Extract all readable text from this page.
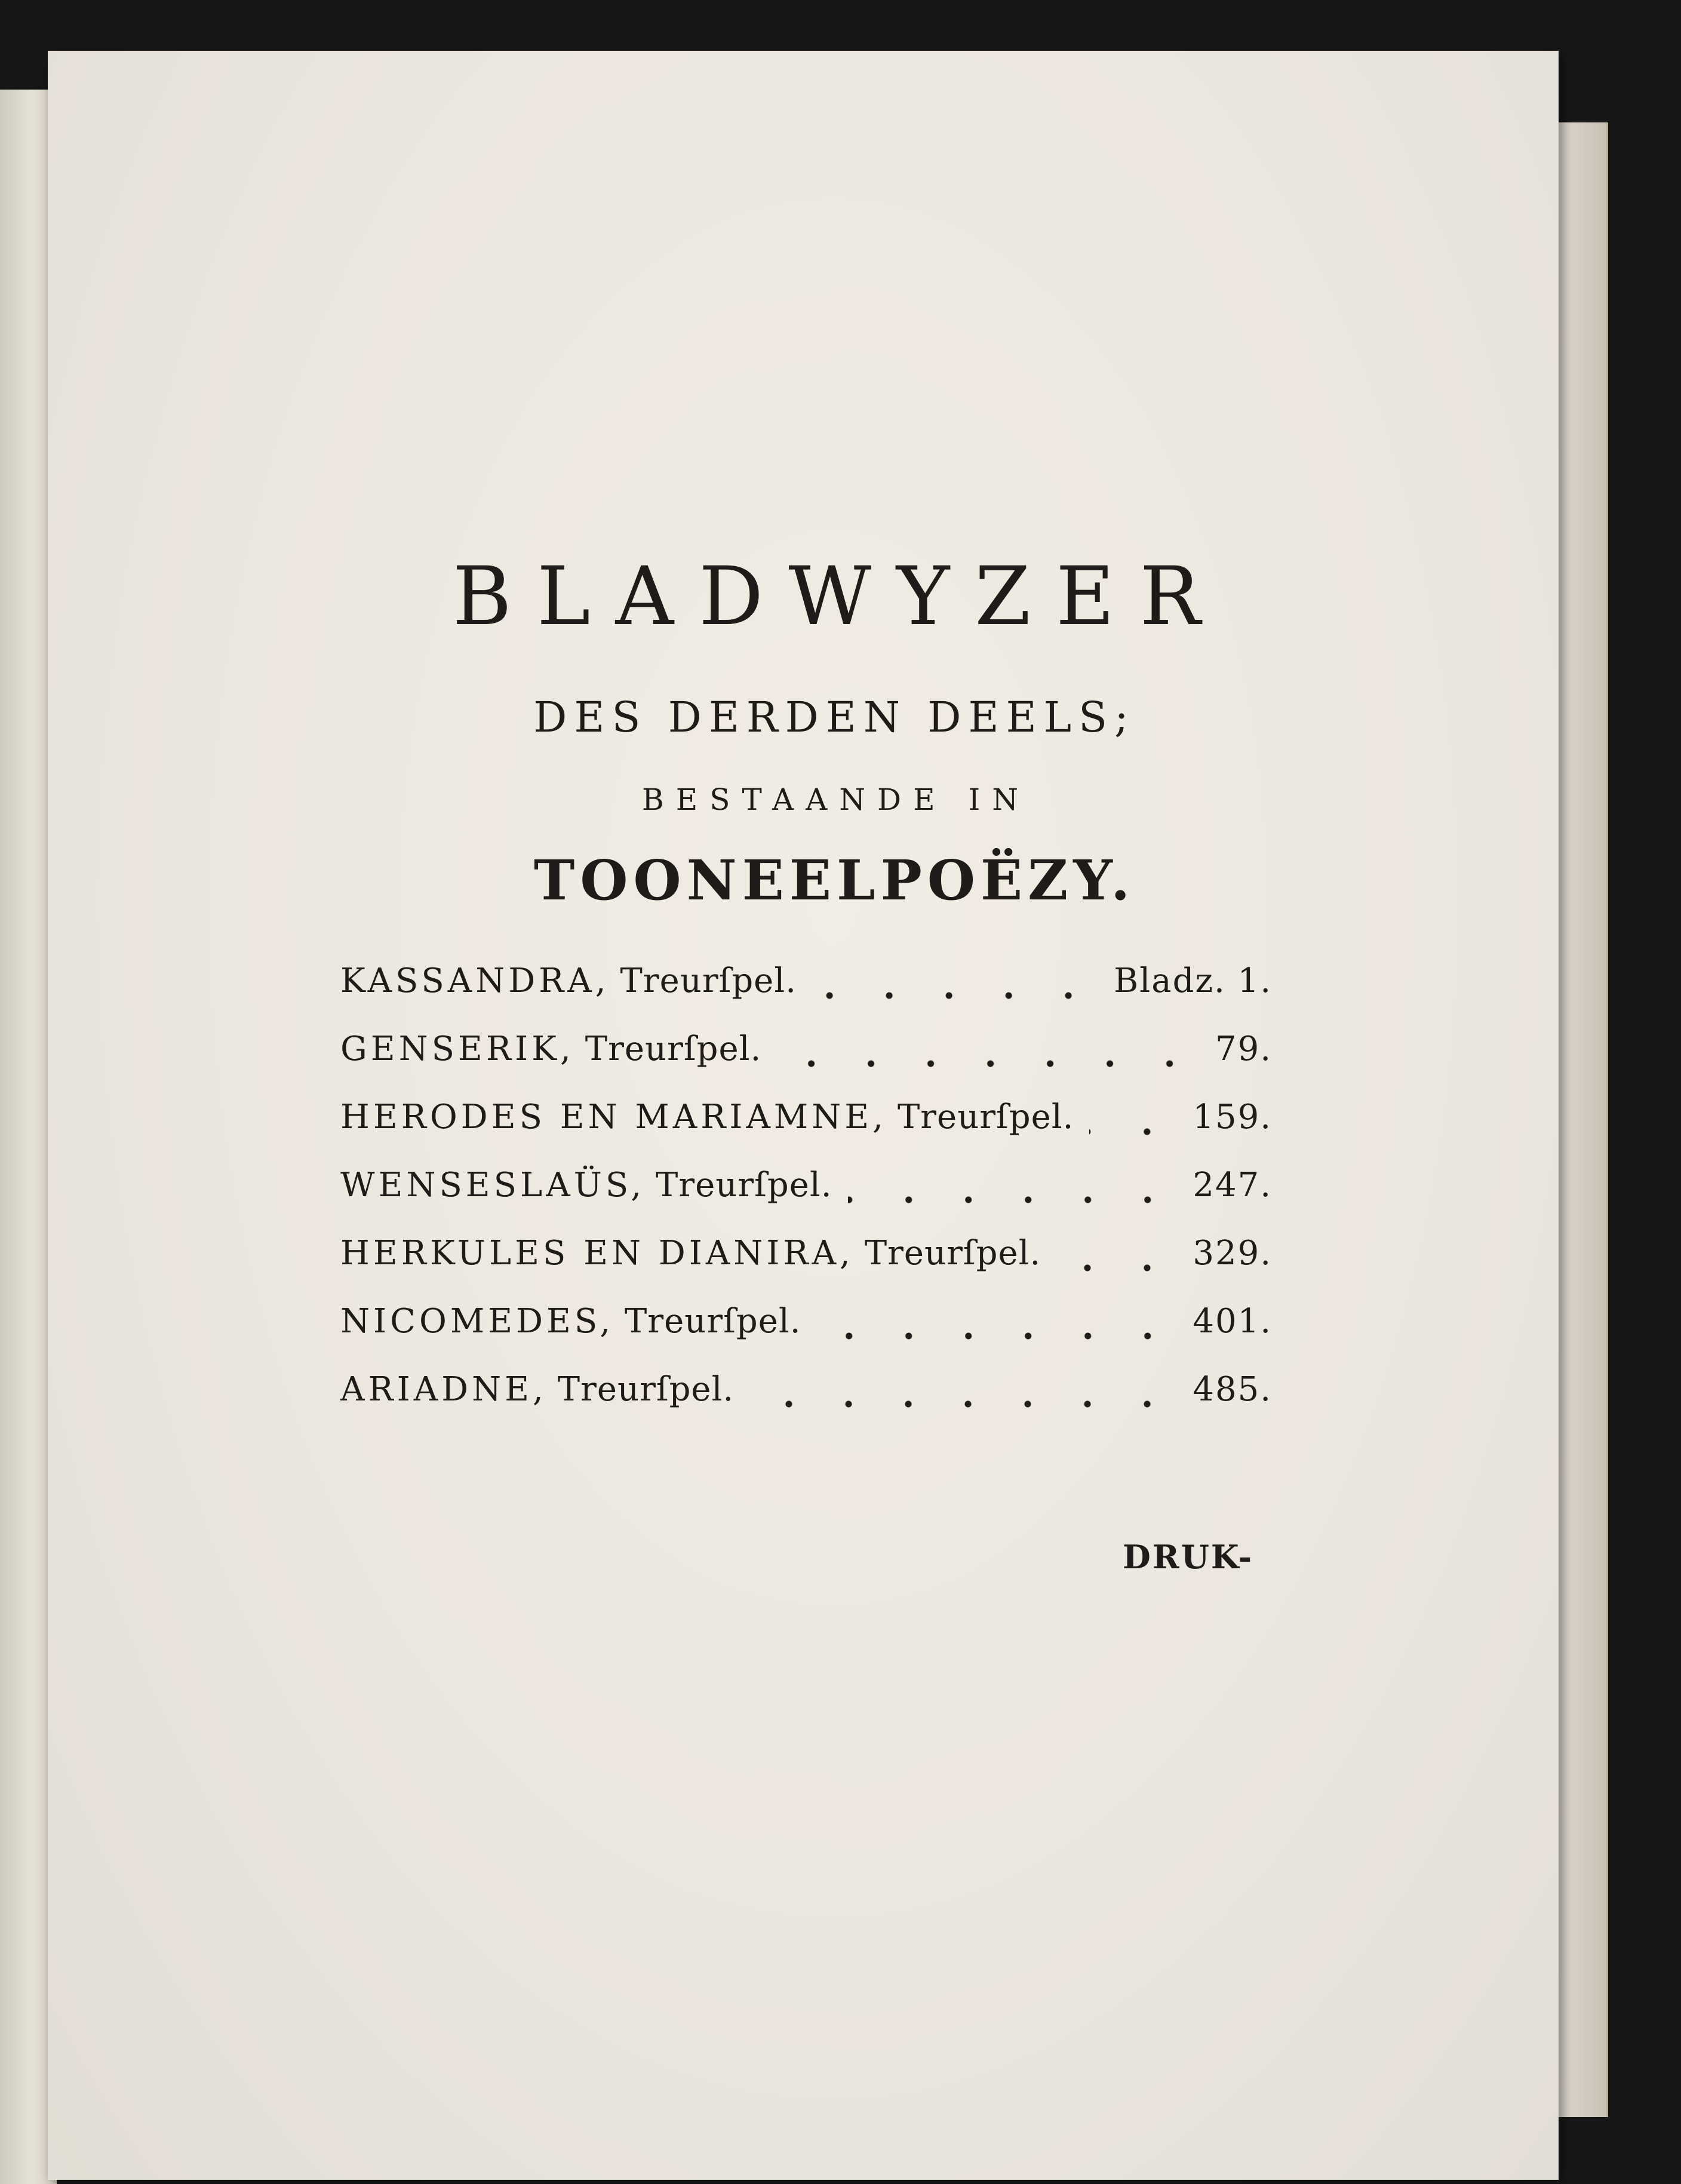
BLADWYZER
DES DERDEN DEELS;
BESTAANDE IN
TOONEELPOËZY.
KASSANDRA, Treurſpel.	Bladz. 1.
GENSERIK, Treurſpel.	79.
HERODES EN MARIAMNE, Treurſpel.	159.
WENSESLAÜS, Treurſpel.	247.
HERKULES EN DIANIRA, Treurſpel.	329.
NICOMEDES, Treurſpel.	401.
ARIADNE, Treurſpel.	485.
DRUK-
